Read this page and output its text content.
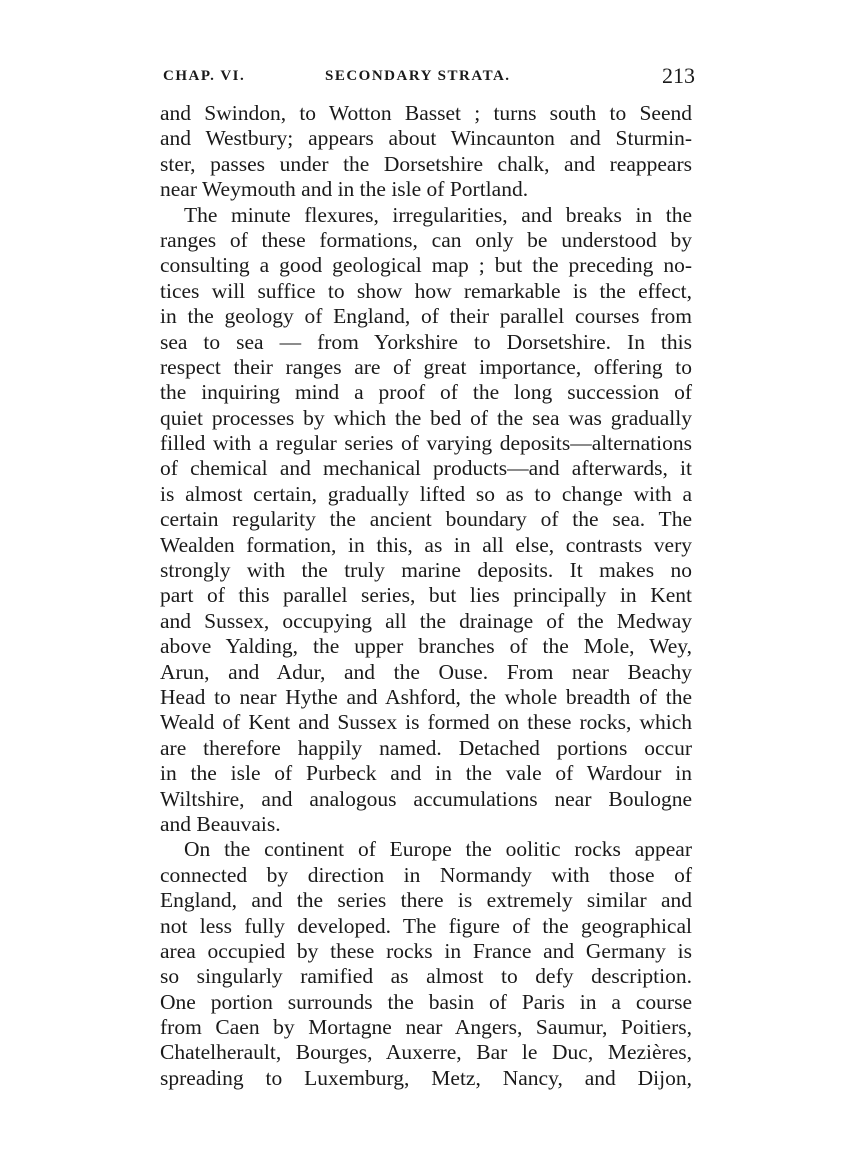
CHAP. VI.	SECONDARY STRATA.	213
and Swindon, to Wotton Basset ; turns south to Seend
and Westbury; appears about Wincaunton and Sturmin-
ster, passes under the Dorsetshire chalk, and reappears
near Weymouth and in the isle of Portland.
The minute flexures, irregularities, and breaks in the
ranges of these formations, can only be understood by
consulting a good geological map ; but the preceding no-
tices will suffice to show how remarkable is the effect,
in the geology of England, of their parallel courses from
sea to sea — from Yorkshire to Dorsetshire. In this
respect their ranges are of great importance, offering to
the inquiring mind a proof of the long succession of
quiet processes by which the bed of the sea was gradually
filled with a regular series of varying deposits—alternations
of chemical and mechanical products—and afterwards, it
is almost certain, gradually lifted so as to change with a
certain regularity the ancient boundary of the sea. The
Wealden formation, in this, as in all else, contrasts very
strongly with the truly marine deposits. It makes no
part of this parallel series, but lies principally in Kent
and Sussex, occupying all the drainage of the Medway
above Yalding, the upper branches of the Mole, Wey,
Arun, and Adur, and the Ouse. From near Beachy
Head to near Hythe and Ashford, the whole breadth of the
Weald of Kent and Sussex is formed on these rocks, which
are therefore happily named. Detached portions occur
in the isle of Purbeck and in the vale of Wardour in
Wiltshire, and analogous accumulations near Boulogne
and Beauvais.
On the continent of Europe the oolitic rocks appear
connected by direction in Normandy with those of
England, and the series there is extremely similar and
not less fully developed. The figure of the geographical
area occupied by these rocks in France and Germany is
so singularly ramified as almost to defy description.
One portion surrounds the basin of Paris in a course
from Caen by Mortagne near Angers, Saumur, Poitiers,
Chatelherault, Bourges, Auxerre, Bar le Duc, Mezières,
spreading to Luxemburg, Metz, Nancy, and Dijon,
